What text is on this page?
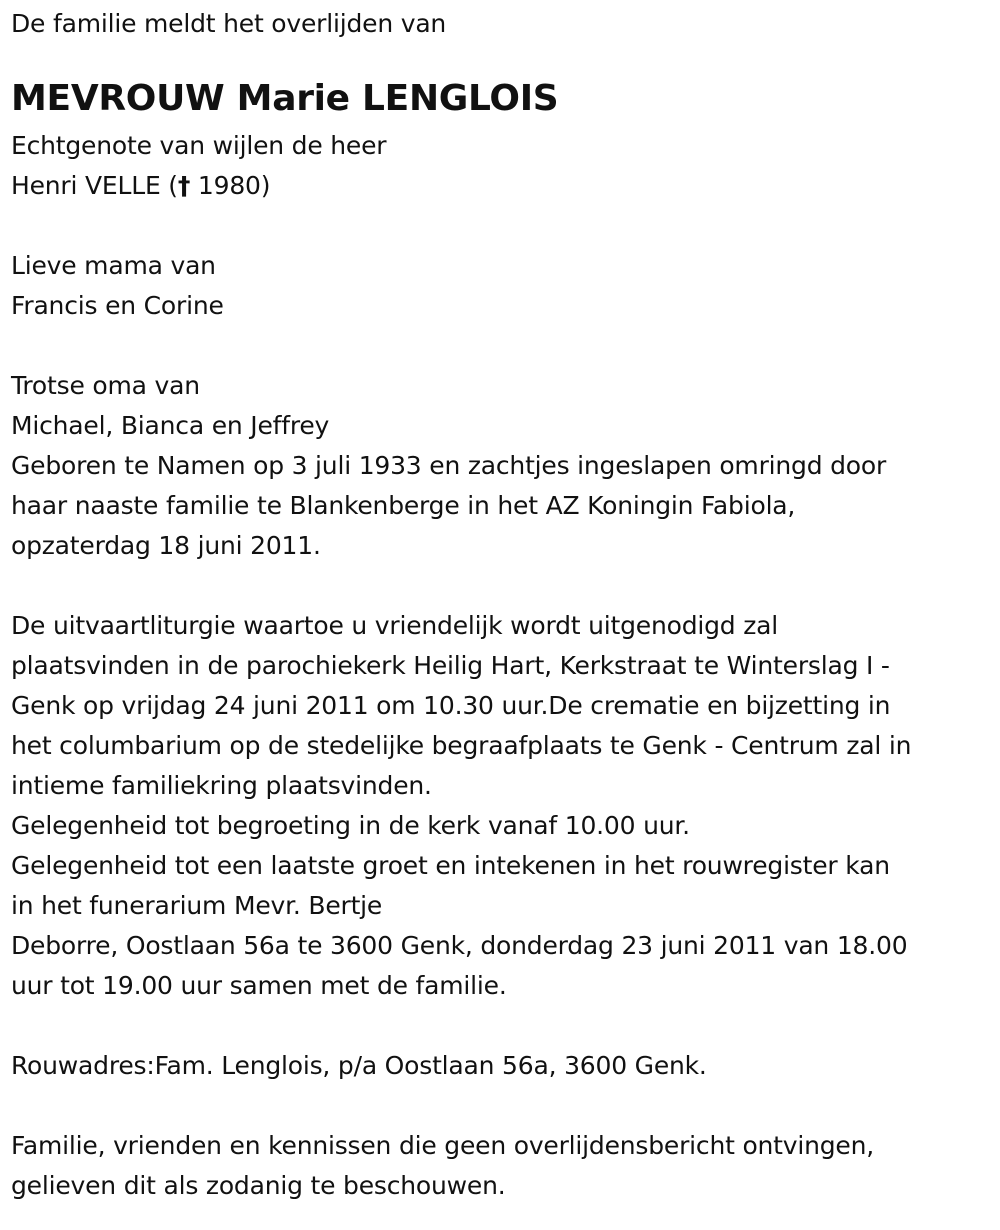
De familie meldt het overlijden van
MEVROUW Marie LENGLOIS
Echtgenote van wijlen de heer
Henri VELLE († 1980)
Lieve mama van
Francis en Corine
Trotse oma van
Michael, Bianca en Jeffrey
Geboren te Namen op 3 juli 1933 en zachtjes ingeslapen omringd door
haar naaste familie te Blankenberge in het AZ Koningin Fabiola,
opzaterdag 18 juni 2011.
De uitvaartliturgie waartoe u vriendelijk wordt uitgenodigd zal
plaatsvinden in de parochiekerk Heilig Hart, Kerkstraat te Winterslag I -
Genk op vrijdag 24 juni 2011 om 10.30 uur.De crematie en bijzetting in
het columbarium op de stedelijke begraafplaats te Genk - Centrum zal in
intieme familiekring plaatsvinden.
Gelegenheid tot begroeting in de kerk vanaf 10.00 uur.
Gelegenheid tot een laatste groet en intekenen in het rouwregister kan
in het funerarium Mevr. Bertje
Deborre, Oostlaan 56a te 3600 Genk, donderdag 23 juni 2011 van 18.00
uur tot 19.00 uur samen met de familie.
Rouwadres:Fam. Lenglois, p/a Oostlaan 56a, 3600 Genk.
Familie, vrienden en kennissen die geen overlijdensbericht ontvingen,
gelieven dit als zodanig te beschouwen.
